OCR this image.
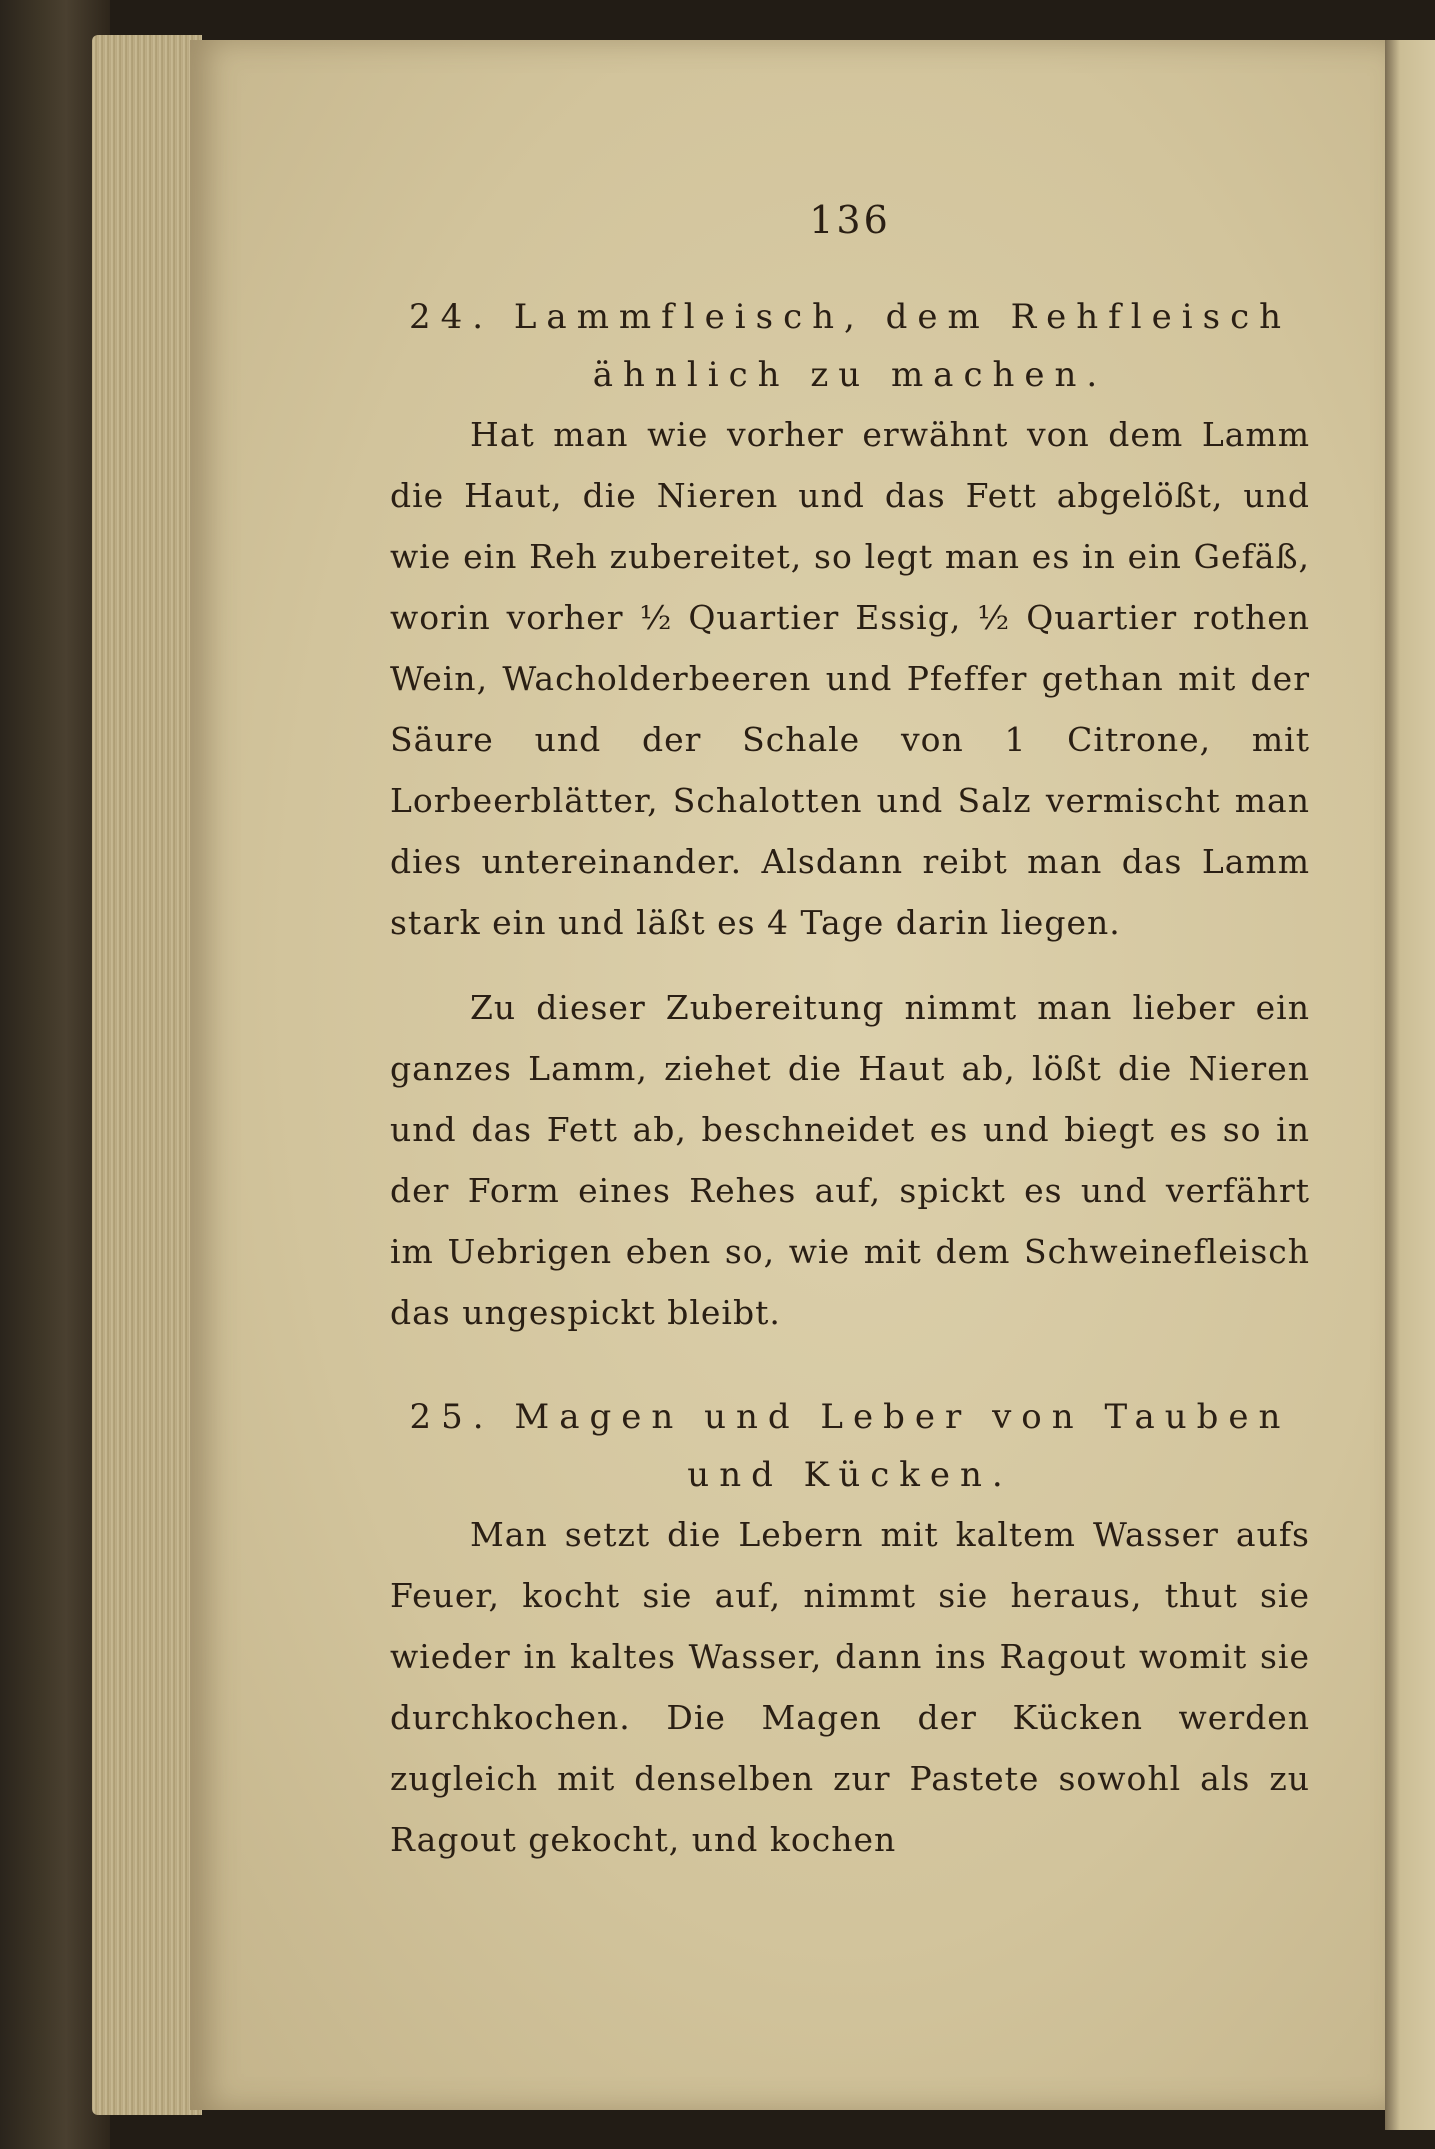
136
24. Lammfleisch, dem Rehfleisch
ähnlich zu machen.
Hat man wie vorher erwähnt von dem Lamm die Haut, die Nieren und das Fett abgelößt, und wie ein Reh zubereitet, so legt man es in ein Gefäß, worin vorher ½ Quartier Essig, ½ Quartier rothen Wein, Wacholderbeeren und Pfeffer gethan mit der Säure und der Schale von 1 Citrone, mit Lorbeerblätter, Schalotten und Salz vermischt man dies untereinander. Alsdann reibt man das Lamm stark ein und läßt es 4 Tage darin liegen.
Zu dieser Zubereitung nimmt man lieber ein ganzes Lamm, ziehet die Haut ab, lößt die Nieren und das Fett ab, beschneidet es und biegt es so in der Form eines Rehes auf, spickt es und verfährt im Uebrigen eben so, wie mit dem Schweinefleisch das ungespickt bleibt.
25. Magen und Leber von Tauben
und Kücken.
Man setzt die Lebern mit kaltem Wasser aufs Feuer, kocht sie auf, nimmt sie heraus, thut sie wieder in kaltes Wasser, dann ins Ragout womit sie durchkochen. Die Magen der Kücken werden zugleich mit denselben zur Pastete sowohl als zu Ragout gekocht, und kochen
